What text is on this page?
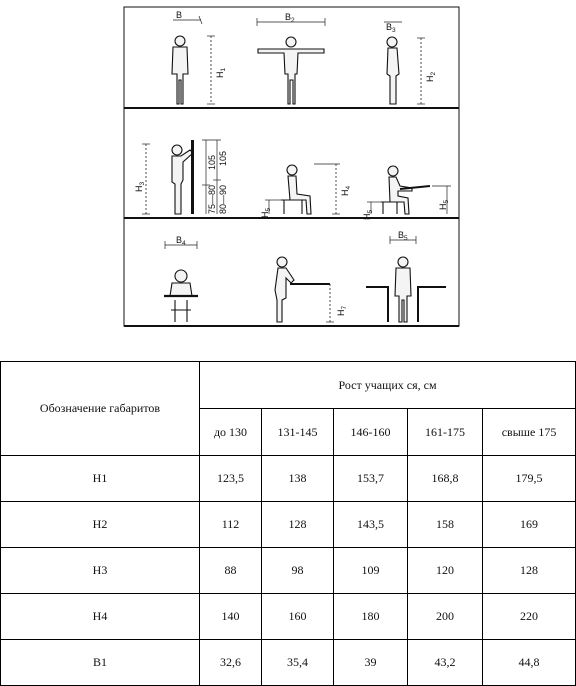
B
$H_1$
$B_2$
$B_3$
$H_2$
$H_3$
105 105
75—80 80—90	$H_4$
$H_5$	$H_5$
$H_5$
$B_4$
$H_7$
$B_5$
Обозначение габаритов	Рост учащих ся, см				
	до 130	131-145	146-160	161-175	свыше 175
H1	123,5	138	153,7	168,8	179,5
H2	112	128	143,5	158	169
H3	88	98	109	120	128
H4	140	160	180	200	220
B1	32,6	35,4	39	43,2	44,8
